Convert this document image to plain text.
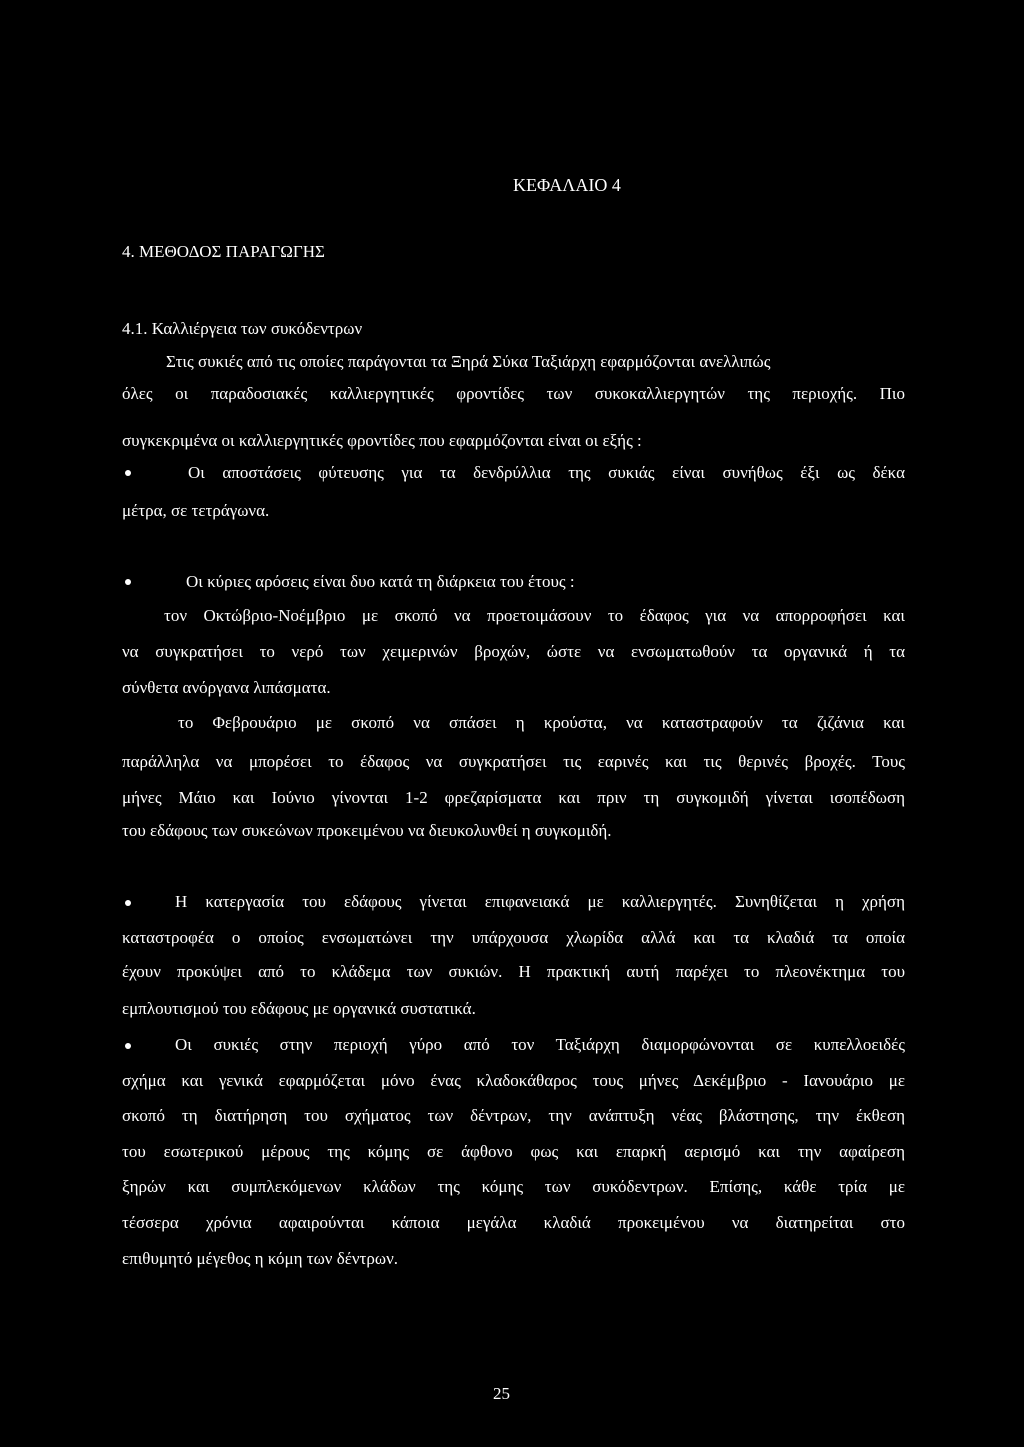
ΚΕΦΑΛΑΙΟ 4
4. ΜΕΘΟΔΟΣ ΠΑΡΑΓΩΓΗΣ
4.1. Καλλιέργεια των συκόδεντρων
Στις συκιές από τις οποίες παράγονται τα Ξηρά Σύκα Ταξιάρχη εφαρμόζονται ανελλιπώς
όλες οι παραδοσιακές καλλιεργητικές φροντίδες των συκοκαλλιεργητών της περιοχής. Πιο
συγκεκριμένα οι καλλιεργητικές φροντίδες που εφαρμόζονται είναι οι εξής :
Οι αποστάσεις φύτευσης για τα δενδρύλλια της συκιάς είναι συνήθως έξι ως δέκα
μέτρα, σε τετράγωνα.
Οι κύριες αρόσεις είναι δυο κατά τη διάρκεια του έτους :
τον Οκτώβριο-Νοέμβριο με σκοπό να προετοιμάσουν το έδαφος για να απορροφήσει και
να συγκρατήσει το νερό των χειμερινών βροχών, ώστε να ενσωματωθούν τα οργανικά ή τα
σύνθετα ανόργανα λιπάσματα.
το Φεβρουάριο με σκοπό να σπάσει η κρούστα, να καταστραφούν τα ζιζάνια και
παράλληλα να μπορέσει το έδαφος να συγκρατήσει τις εαρινές και τις θερινές βροχές. Τους
μήνες Μάιο και Ιούνιο γίνονται 1-2 φρεζαρίσματα και πριν τη συγκομιδή γίνεται ισοπέδωση
του εδάφους των συκεώνων προκειμένου να διευκολυνθεί η συγκομιδή.
Η κατεργασία του εδάφους γίνεται επιφανειακά με καλλιεργητές. Συνηθίζεται η χρήση
καταστροφέα ο οποίος ενσωματώνει την υπάρχουσα χλωρίδα αλλά και τα κλαδιά τα οποία
έχουν προκύψει από το κλάδεμα των συκιών. Η πρακτική αυτή παρέχει το πλεονέκτημα του
εμπλουτισμού του εδάφους με οργανικά συστατικά.
Οι συκιές στην περιοχή γύρο από τον Ταξιάρχη διαμορφώνονται σε κυπελλοειδές
σχήμα και γενικά εφαρμόζεται μόνο ένας κλαδοκάθαρος τους μήνες Δεκέμβριο - Ιανουάριο με
σκοπό τη διατήρηση του σχήματος των δέντρων, την ανάπτυξη νέας βλάστησης, την έκθεση
του εσωτερικού μέρους της κόμης σε άφθονο φως και επαρκή αερισμό και την αφαίρεση
ξηρών και συμπλεκόμενων κλάδων της κόμης των συκόδεντρων. Επίσης, κάθε τρία με
τέσσερα χρόνια αφαιρούνται κάποια μεγάλα κλαδιά προκειμένου να διατηρείται στο
επιθυμητό μέγεθος η κόμη των δέντρων.
25
